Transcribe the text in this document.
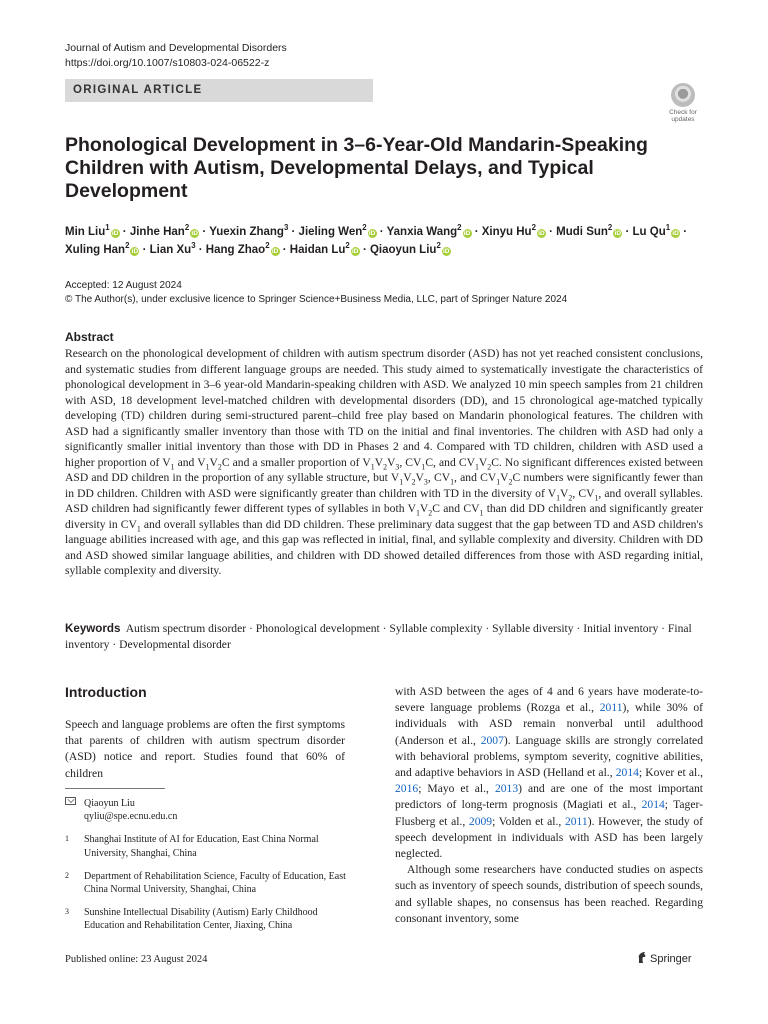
Journal of Autism and Developmental Disorders
https://doi.org/10.1007/s10803-024-06522-z
ORIGINAL ARTICLE
Check for
updates
Phonological Development in 3–6-Year-Old Mandarin-Speaking Children with Autism, Developmental Delays, and Typical Development
Min Liu$^1$iD · Jinhe Han$^2$iD · Yuexin Zhang$^3$ · Jieling Wen$^2$iD · Yanxia Wang$^2$iD · Xinyu $Hu^2iD$ · Mudi Sun$^2$iD · Lu $Qu^1iD$ · Xuling Han$^2$iD · Lian $Xu^3$ · Hang Zhao$^2$iD · Haidan $Lu^2iD$ · Qiaoyun Liu$^2$iD
Accepted: 12 August 2024
© The Author(s), under exclusive licence to Springer Science+Business Media, LLC, part of Springer Nature 2024
Abstract

Research on the phonological development of children with autism spectrum disorder (ASD) has not yet reached consistent conclusions, and systematic studies from different language groups are needed. This study aimed to systematically investigate the characteristics of phonological development in 3–6 year-old Mandarin-speaking children with ASD. We analyzed 10 min speech samples from 21 children with ASD, 18 development level-matched children with developmental disorders (DD), and 15 chronological age-matched typically developing (TD) children during semi-structured parent–child free play based on Mandarin phonological features. The children with ASD had a significantly smaller inventory than those with TD on the initial and final inventories. The children with ASD had only a significantly smaller initial inventory than those with DD in Phases 2 and 4. Compared with TD children, children with ASD used a higher proportion of $V_1$ and $V_1V_2C$ and a smaller proportion of $V_1V_2V_3$, $CV_1C$, and $CV_1V_2C$. No significant differences existed between ASD and DD children in the proportion of any syllable structure, but $V_1V_2V_3$, $CV_1$, and $CV_1V_2C$ numbers were significantly fewer than in DD children. Children with ASD were significantly greater than children with TD in the diversity of $V_1V_2$, $CV_1$, and overall syllables. ASD children had significantly fewer different types of syllables in both $V_1V_2C$ and $CV_1$ than did DD children and significantly greater diversity in $CV_1$ and overall syllables than did DD children. These preliminary data suggest that the gap between TD and ASD children's language abilities increased with age, and this gap was reflected in initial, final, and syllable complexity and diversity. Children with DD and ASD showed similar language abilities, and children with DD showed detailed differences from those with ASD regarding initial, syllable complexity and diversity.

Keywords Autism spectrum disorder · Phonological development · Syllable complexity · Syllable diversity · Initial inventory · Final inventory · Developmental disorder
Introduction

Speech and language problems are often the first symptoms that parents of children with autism spectrum disorder (ASD) notice and report. Studies found that 60% of children

with ASD between the ages of 4 and 6 years have moderate-to-severe language problems (Rozga et al., 2011), while 30% of individuals with ASD remain nonverbal until adulthood (Anderson et al., 2007). Language skills are strongly correlated with behavioral problems, symptom severity, cognitive abilities, and adaptive behaviors in ASD (Helland et al., 2014; Kover et al., 2016; Mayo et al., 2013) and are one of the most important predictors of long-term prognosis (Magiati et al., 2014; Tager-Flusberg et al., 2009; Volden et al., 2011). However, the study of speech development in individuals with ASD has been largely neglected.

Although some researchers have conducted studies on aspects such as inventory of speech sounds, distribution of speech sounds, and syllable shapes, no consensus has been reached. Regarding consonant inventory, some

Qiaoyun Liu
qyliu@spe.ecnu.edu.cn
1 Shanghai Institute of AI for Education, East China Normal University, Shanghai, China
2 Department of Rehabilitation Science, Faculty of Education, East China Normal University, Shanghai, China
3 Sunshine Intellectual Disability (Autism) Early Childhood Education and Rehabilitation Center, Jiaxing, China
Published online: 23 August 2024	Springer
